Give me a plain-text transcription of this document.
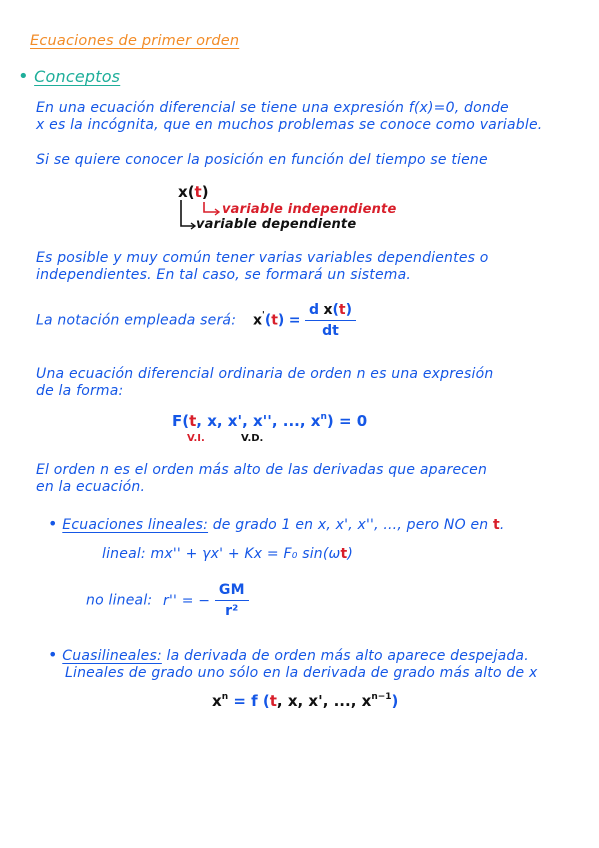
Ecuaciones de primer orden
• Conceptos
En una ecuación diferencial se tiene una expresión f(x)=0, donde
x es la incógnita, que en muchos problemas se conoce como variable.
Si se quiere conocer la posición en función del tiempo se tiene
x(t)
variable independiente
variable dependiente
Es posible y muy común tener varias variables dependientes o
independientes. En tal caso, se formará un sistema.
La notación empleada será: $x'(t) = \frac{\text{d x(t)}}{dt}$
Una ecuación diferencial ordinaria de orden n es una expresión
de la forma:
F(t, x, x', x'', ..., $x^n) = 0$
V.I.	V.D.
El orden n es el orden más alto de las derivadas que aparecen
en la ecuación.
• Ecuaciones lineales: de grado 1 en x, x', x'', ..., pero NO en t.
lineal: mx'' + γx' + Kx = F₀ sin(ωt)
no lineal: r'' = − $\frac{GM}{\text{r²}}$
• Cuasilineales: la derivada de orden más alto aparece despejada.
Lineales de grado uno sólo en la derivada de grado más alto de x
$x^n = f$ (t, x, x', ..., $x^{n-1}$)
